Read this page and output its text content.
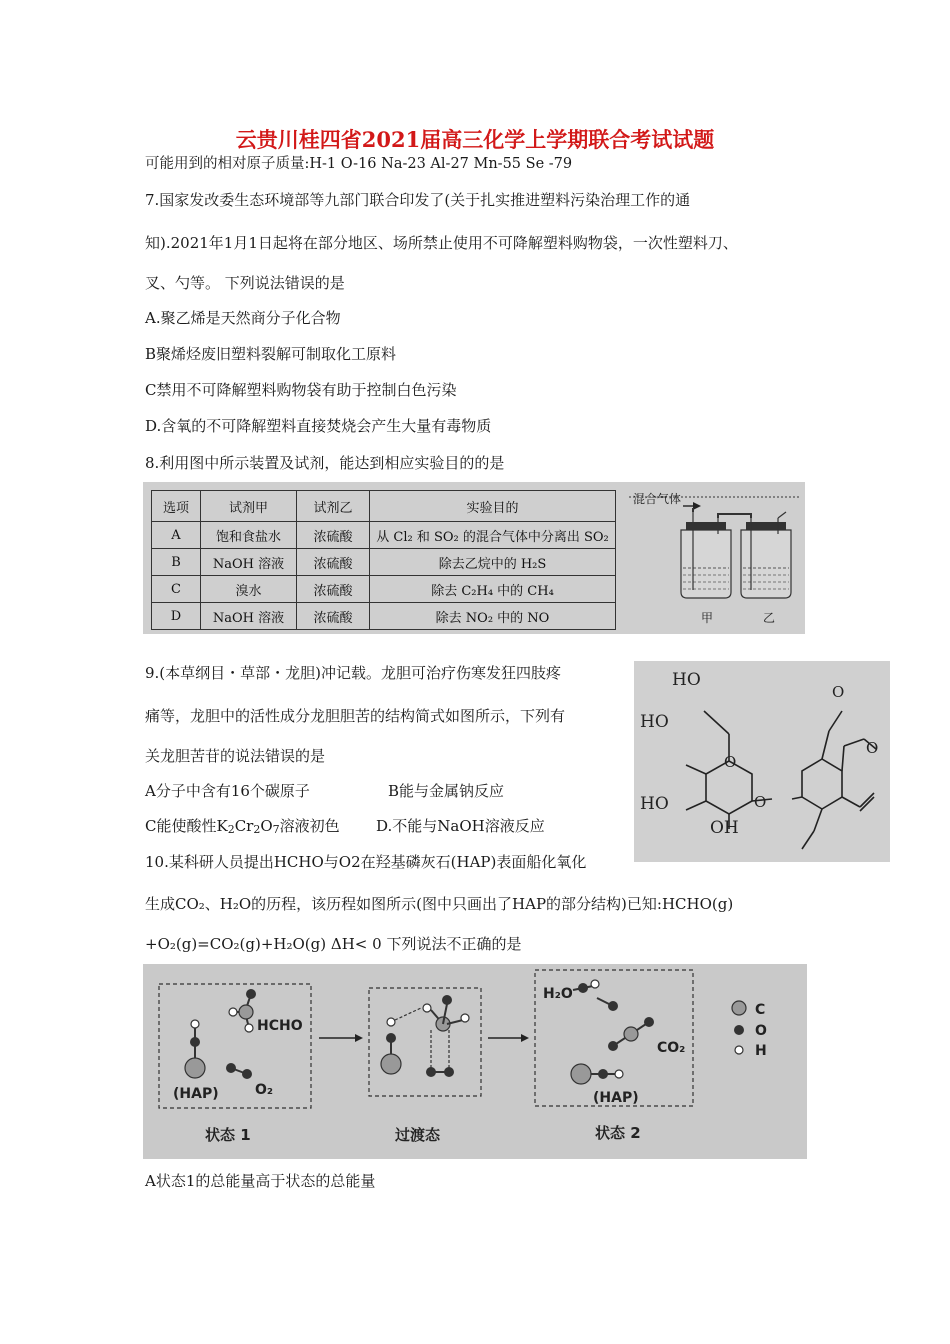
云贵川桂四省2021届高三化学上学期联合考试试题
可能用到的相对原子质量:H-1 O-16 Na-23 Al-27 Mn-55 Se -79
7.国家发改委生态环境部等九部门联合印发了(关于扎实推进塑料污染治理工作的通
知).2021年1月1日起将在部分地区、场所禁止使用不可降解塑料购物袋，一次性塑料刀、
叉、勺等。 下列说法错误的是
A.聚乙烯是天然商分子化合物
B聚烯烃废旧塑料裂解可制取化工原料
C禁用不可降解塑料购物袋有助于控制白色污染
D.含氧的不可降解塑料直接焚烧会产生大量有毒物质
8.利用图中所示装置及试剂，能达到相应实验目的的是
选项	试剂甲	试剂乙	实验目的
A	饱和食盐水	浓硫酸	从 Cl₂ 和 SO₂ 的混合气体中分离出 SO₂
B	NaOH 溶液	浓硫酸	除去乙烷中的 H₂S
C	溴水	浓硫酸	除去 C₂H₄ 中的 CH₄
D	NaOH 溶液	浓硫酸	除去 NO₂ 中的 NO
混合气体
甲	乙
9.(本草纲目・草部・龙胆)冲记载。龙胆可治疗伤寒发狂四肢疼
痛等，龙胆中的活性成分龙胆胆苦的结构简式如图所示，下列有
关龙胆苦苷的说法错误的是
A分子中含有16个碳原子	B能与金属钠反应
C能使酸性K2Cr2O7溶液初色 D.不能与NaOH溶液反应
HO
HO
HO
OH
O
O
O
O
10.某科研人员提出HCHO与O2在羟基磷灰石(HAP)表面船化氧化
生成CO₂、H₂O的历程，该历程如图所示(图中只画出了HAP的部分结构)已知:HCHO(g)
+O₂(g)=CO₂(g)+H₂O(g) ΔH< 0 下列说法不正确的是
HCHO
O₂
(HAP)
状态 1	过渡态
H₂O
CO₂
(HAP)
状态 2
C
O
H
A状态1的总能量高于状态的总能量
